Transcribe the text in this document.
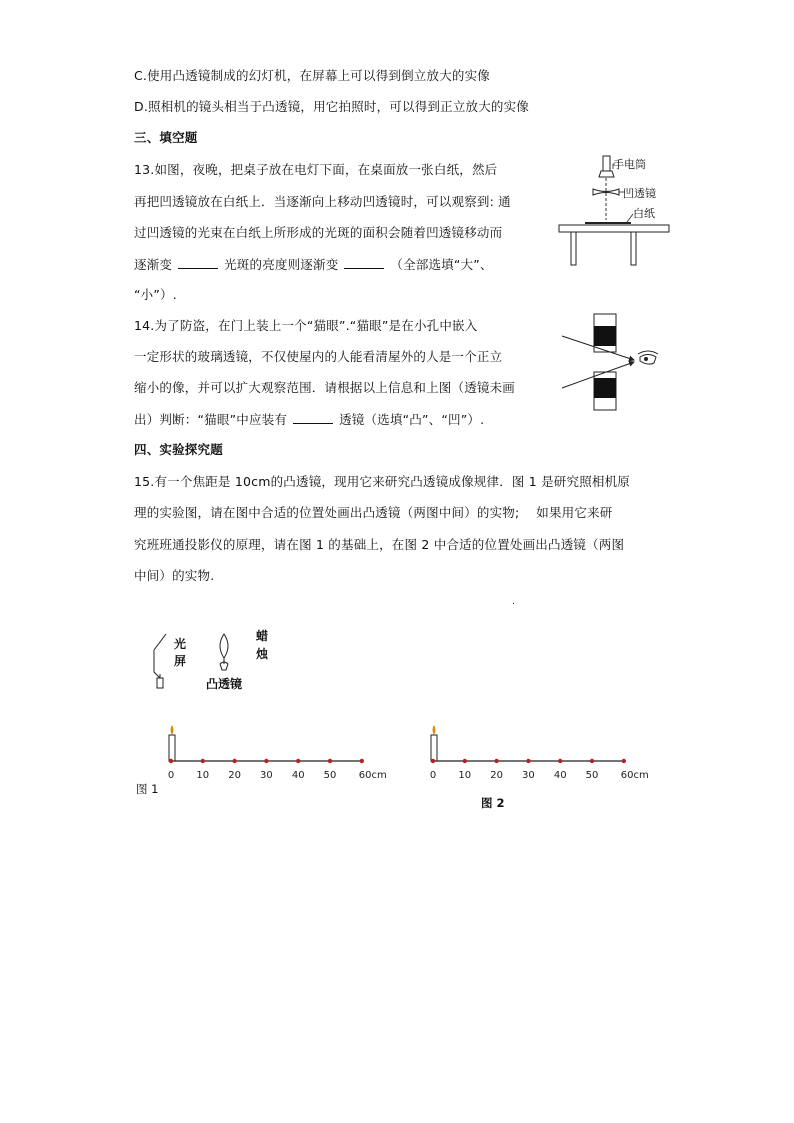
C.使用凸透镜制成的幻灯机，在屏幕上可以得到倒立放大的实像
D.照相机的镜头相当于凸透镜，用它拍照时，可以得到正立放大的实像
三、填空题
13.如图，夜晚，把桌子放在电灯下面，在桌面放一张白纸，然后
再把凹透镜放在白纸上．当逐渐向上移动凹透镜时，可以观察到: 通
过凹透镜的光束在白纸上所形成的光斑的面积会随着凹透镜移动而
逐渐变	光斑的亮度则逐渐变	（全部选填“大”、
“小”）.
手电筒
凹透镜
白纸
14.为了防盗，在门上装上一个“猫眼”.“猫眼”是在小孔中嵌入
一定形状的玻璃透镜，不仅使屋内的人能看清屋外的人是一个正立
缩小的像，并可以扩大观察范围．请根据以上信息和上图（透镜未画
出）判断：“猫眼”中应装有	透镜（选填“凸”、“凹”）.
四、实验探究题
15.有一个焦距是 10cm的凸透镜，现用它来研究凸透镜成像规律．图 1 是研究照相机原
理的实验图，请在图中合适的位置处画出凸透镜（两图中间）的实物;　 如果用它来研
究班班通投影仪的原理，请在图 1 的基础上，在图 2 中合适的位置处画出凸透镜（两图
中间）的实物.
.
光
屏
蜡
烛
凸透镜
0 10 20 30 40 50 60cm
图 1
0 10 20 30 40 50 60cm
图 2
